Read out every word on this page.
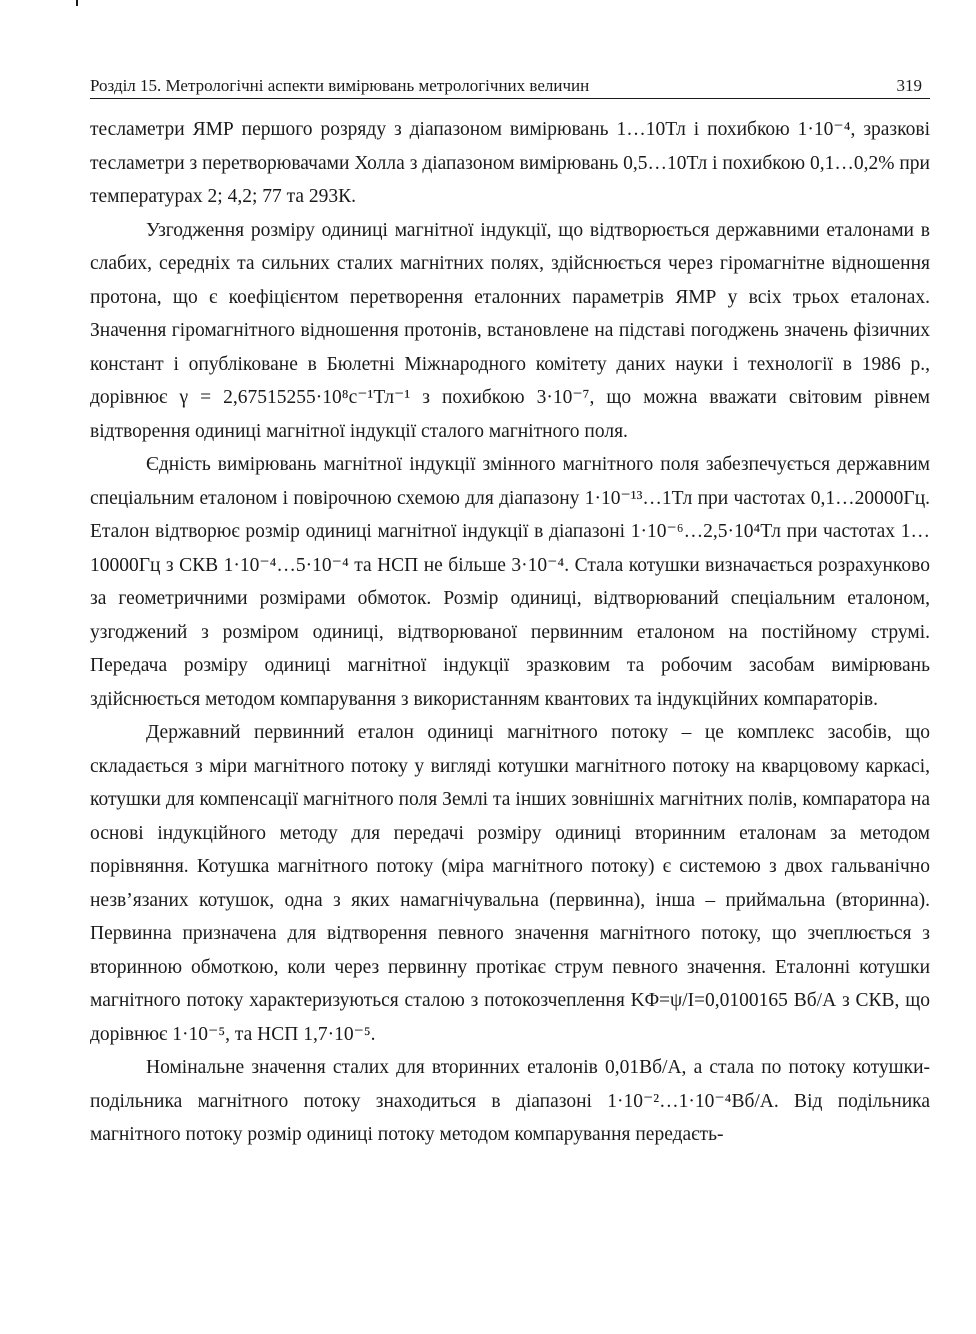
Розділ 15. Метрологічні аспекти вимірювань метрологічних величин	319

тесламетри ЯМР першого розряду з діапазоном вимірювань 1…10Тл і похибкою 1·10⁻⁴, зразкові тесламетри з перетворювачами Холла з діапазоном вимірювань 0,5…10Тл і похибкою 0,1…0,2% при температурах 2; 4,2; 77 та 293К.

Узгодження розміру одиниці магнітної індукції, що відтворюється державними еталонами в слабих, середніх та сильних сталих магнітних полях, здійснюється через гіромагнітне відношення протона, що є коефіцієнтом перетворення еталонних параметрів ЯМР у всіх трьох еталонах. Значення гіромагнітного відношення протонів, встановлене на підставі погоджень значень фізичних констант і опубліковане в Бюлетні Міжнародного комітету даних науки і технології в 1986 р., дорівнює γ = 2,67515255·10⁸с⁻¹Тл⁻¹ з похибкою 3·10⁻⁷, що можна вважати світовим рівнем відтворення одиниці магнітної індукції сталого магнітного поля.

Єдність вимірювань магнітної індукції змінного магнітного поля забезпечується державним спеціальним еталоном і повірочною схемою для діапазону 1·10⁻¹³…1Тл при частотах 0,1…20000Гц. Еталон відтворює розмір одиниці магнітної індукції в діапазоні 1·10⁻⁶…2,5·10⁴Тл при частотах 1…10000Гц з СКВ 1·10⁻⁴…5·10⁻⁴ та НСП не більше 3·10⁻⁴. Стала котушки визначається розрахунково за геометричними розмірами обмоток. Розмір одиниці, відтворюваний спеціальним еталоном, узгоджений з розміром одиниці, відтворюваної первинним еталоном на постійному струмі. Передача розміру одиниці магнітної індукції зразковим та робочим засобам вимірювань здійснюється методом компарування з використанням квантових та індукційних компараторів.

Державний первинний еталон одиниці магнітного потоку – це комплекс засобів, що складається з міри магнітного потоку у вигляді котушки магнітного потоку на кварцовому каркасі, котушки для компенсації магнітного поля Землі та інших зовнішніх магнітних полів, компаратора на основі індукційного методу для передачі розміру одиниці вторинним еталонам за методом порівняння. Котушка магнітного потоку (міра магнітного потоку) є системою з двох гальванічно незв’язаних котушок, одна з яких намагнічувальна (первинна), інша – приймальна (вторинна). Первинна призначена для відтворення певного значення магнітного потоку, що зчеплюється з вторинною обмоткою, коли через первинну протікає струм певного значення. Еталонні котушки магнітного потоку характеризуються сталою з потокозчеплення KΦ=ψ/I=0,0100165 Вб/А з СКВ, що дорівнює 1·10⁻⁵, та НСП 1,7·10⁻⁵.

Номінальне значення сталих для вторинних еталонів 0,01Вб/А, а стала по потоку котушки-подільника магнітного потоку знаходиться в діапазоні 1·10⁻²…1·10⁻⁴Вб/А. Від подільника магнітного потоку розмір одиниці потоку методом компарування передаєть-
